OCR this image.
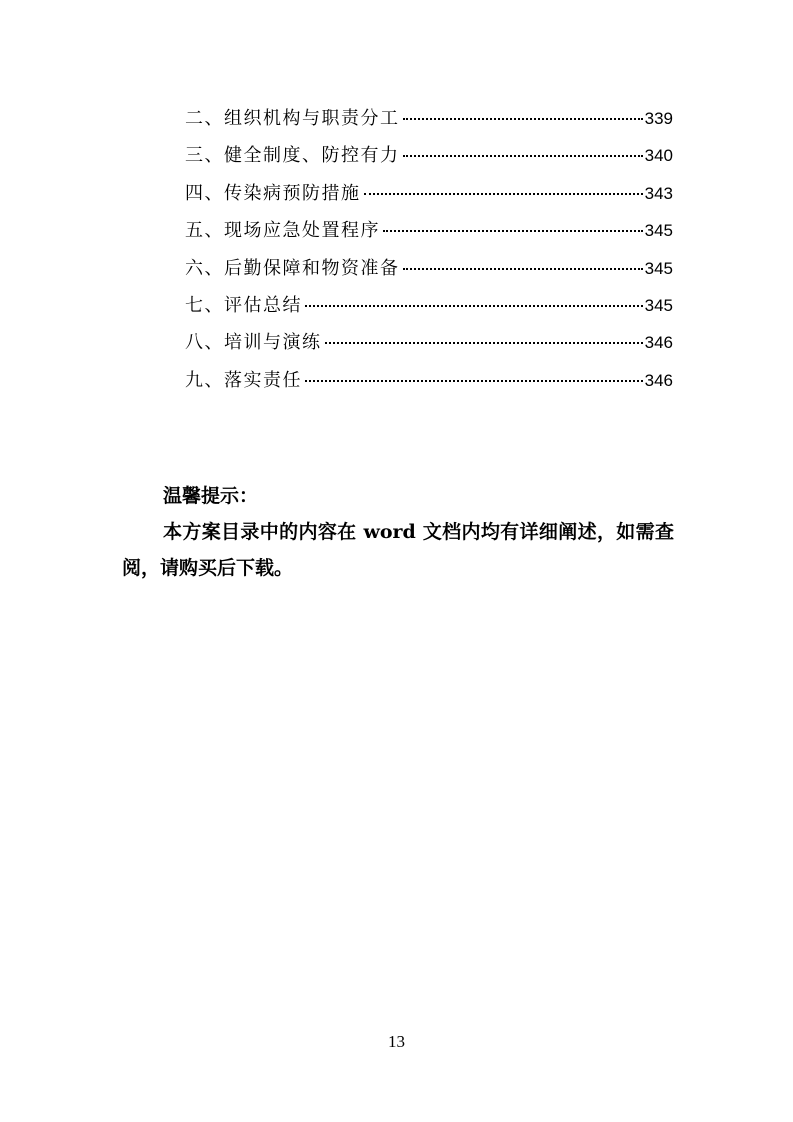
二、组织机构与职责分工	339
三、健全制度、防控有力	340
四、传染病预防措施	343
五、现场应急处置程序	345
六、后勤保障和物资准备	345
七、评估总结	345
八、培训与演练	346
九、落实责任	346

温馨提示：

本方案目录中的内容在 word 文档内均有详细阐述，如需查阅，请购买后下载。

13
